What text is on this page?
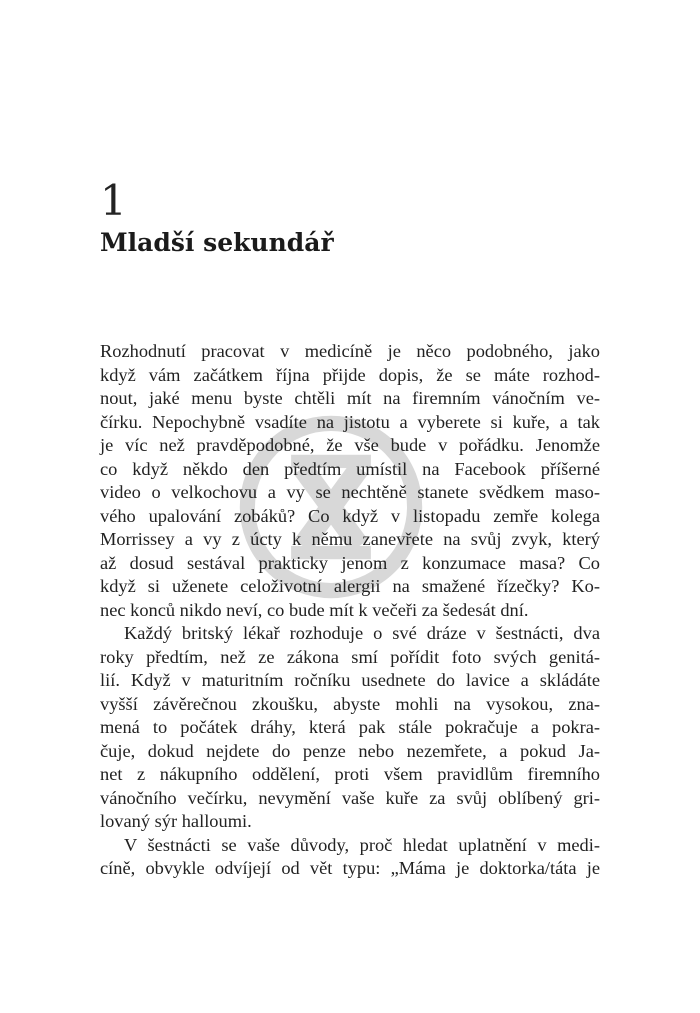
1
Mladší sekundář
Rozhodnutí pracovat v medicíně je něco podobného, jako
když vám začátkem října přijde dopis, že se máte rozhod-
nout, jaké menu byste chtěli mít na firemním vánočním ve-
čírku. Nepochybně vsadíte na jistotu a vyberete si kuře, a tak
je víc než pravděpodobné, že vše bude v pořádku. Jenomže
co když někdo den předtím umístil na Facebook příšerné
video o velkochovu a vy se nechtěně stanete svědkem maso-
vého upalování zobáků? Co když v listopadu zemře kolega
Morrissey a vy z úcty k němu zanevřete na svůj zvyk, který
až dosud sestával prakticky jenom z konzumace masa? Co
když si uženete celoživotní alergii na smažené řízečky? Ko-
nec konců nikdo neví, co bude mít k večeři za šedesát dní.
Každý britský lékař rozhoduje o své dráze v šestnácti, dva
roky předtím, než ze zákona smí pořídit foto svých genitá-
lií. Když v maturitním ročníku usednete do lavice a skládáte
vyšší závěrečnou zkoušku, abyste mohli na vysokou, zna-
mená to počátek dráhy, která pak stále pokračuje a pokra-
čuje, dokud nejdete do penze nebo nezemřete, a pokud Ja-
net z nákupního oddělení, proti všem pravidlům firemního
vánočního večírku, nevymění vaše kuře za svůj oblíbený gri-
lovaný sýr halloumi.
V šestnácti se vaše důvody, proč hledat uplatnění v medi-
cíně, obvykle odvíjejí od vět typu: „Máma je doktorka/táta je
